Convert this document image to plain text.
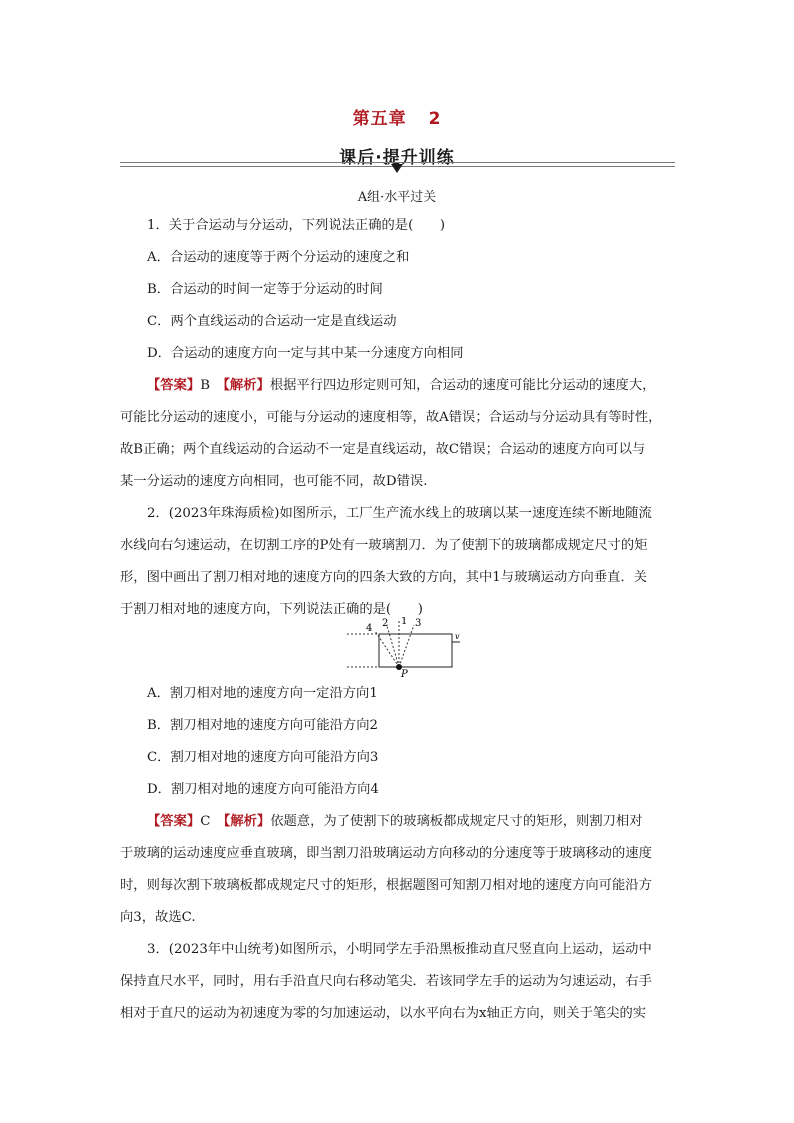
第五章 2
课后·提升训练
A组·水平过关
1．关于合运动与分运动，下列说法正确的是(　　)
A．合运动的速度等于两个分运动的速度之和
B．合运动的时间一定等于分运动的时间
C．两个直线运动的合运动一定是直线运动
D．合运动的速度方向一定与其中某一分速度方向相同
【答案】B　 【解析】根据平行四边形定则可知，合运动的速度可能比分运动的速度大，
可能比分运动的速度小，可能与分运动的速度相等，故A错误；合运动与分运动具有等时性，
故B正确；两个直线运动的合运动不一定是直线运动，故C错误；合运动的速度方向可以与
某一分运动的速度方向相同，也可能不同，故D错误.
2．(2023年珠海质检)如图所示，工厂生产流水线上的玻璃以某一速度连续不断地随流
水线向右匀速运动，在切割工序的P处有一玻璃割刀．为了使割下的玻璃都成规定尺寸的矩
形，图中画出了割刀相对地的速度方向的四条大致的方向，其中1与玻璃运动方向垂直．关
于割刀相对地的速度方向，下列说法正确的是(　　)
1
2	3
4
P
v
A．割刀相对地的速度方向一定沿方向1
B．割刀相对地的速度方向可能沿方向2
C．割刀相对地的速度方向可能沿方向3
D．割刀相对地的速度方向可能沿方向4
【答案】C　 【解析】依题意，为了使割下的玻璃板都成规定尺寸的矩形，则割刀相对
于玻璃的运动速度应垂直玻璃，即当割刀沿玻璃运动方向移动的分速度等于玻璃移动的速度
时，则每次割下玻璃板都成规定尺寸的矩形，根据题图可知割刀相对地的速度方向可能沿方
向3，故选C.
3．(2023年中山统考)如图所示，小明同学左手沿黑板推动直尺竖直向上运动，运动中
保持直尺水平，同时，用右手沿直尺向右移动笔尖．若该同学左手的运动为匀速运动，右手
相对于直尺的运动为初速度为零的匀加速运动，以水平向右为x轴正方向，则关于笔尖的实
